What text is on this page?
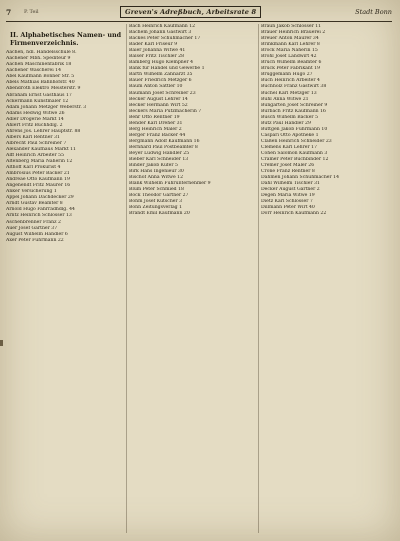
7	P. Teil	Greven's Adreßbuch, Arbeitsrate 8	Stadt Bonn
II. Alphabetisches Namen- und Firmenverzeichnis.
Aachen, hdl. Handelsschule 8.
Aachener Mbh. Spediteur 9
Aachen Maschinenfabrik 18
Aachener Wäscherei 14
Abel Kaufmann Bonner Str. 5
Abels Mathias Bahnhofstr. 40
Abendroth Elektro Meisterstr. 9
Abraham Ernst Gasthaus 17
Ackermann Kunstmaler 12
Adam Johann Metzger Weberstr. 3
Adams Hedwig Witwe 26
Adler Drogerie Markt 14
Ahlert Fritz Buchhdlg. 2
Ahrens Jos. Lehrer Hauptstr. 88
Albers Karl Rentner 31
Albrecht Paul Schreiner 7
Alexander Kaufhaus Markt 11
Alff Heinrich Arbeiter 55
Altenberg Maria Näherin 12
Althoff Karl Prokurist 4
Ambrosius Peter Bäcker 21
Andreae Otto Kaufmann 19
Angenendt Fritz Maurer 16
Anker Versicherung 1
Appel Johann Dachdecker 29
Arndt Gustav Beamter 8
Arnold Hugo Fahrradhdlg. 44
Arntz Heinrich Schlosser 13
Aschenbrenner Franz 2
Auer Josef Gärtner 37
August Wilhelm Händler 6
Axer Peter Fuhrmann 22
Bach Heinrich Kaufmann 12
Bachem Johann Gastwirt 3
Backes Peter Schuhmacher 17
Bader Karl Friseur 9
Baier Johanna Witwe 41
Balser Fritz Tischler 28
Bamberg Hugo Klempner 4
Bank für Handel und Gewerbe 1
Barth Wilhelm Zahnarzt 35
Bauer Friedrich Metzger 6
Baum Anton Sattler 10
Baumann Josef Schreiner 23
Becker August Lehrer 14
Becker Hermann Wirt 52
Beckers Maria Putzmacherin 7
Behr Otto Rentner 19
Bender Karl Dreher 31
Berg Heinrich Maler 2
Berger Franz Bäcker 44
Bergmann Adolf Kaufmann 16
Bernhard Paul Postbeamter 8
Beyer Ludwig Händler 25
Bieber Karl Schneider 13
Binder Jakob Küfer 5
Birk Hans Ingenieur 30
Bischof Anna Witwe 12
Blank Wilhelm Fuhrunternehmer 9
Blum Peter Schmied 18
Bock Theodor Gärtner 27
Böhm Josef Kutscher 3
Bonn Zeitungsverlag 1
Brandt Emil Kaufmann 20
Braun Jakob Schlosser 11
Brauer Heinrich Brauerei 2
Breuer Anton Maurer 34
Brinkmann Karl Lehrer 8
Brock Maria Näherin 15
Bröhl Josef Landwirt 42
Bruch Wilhelm Beamter 6
Brück Peter Fabrikant 19
Brüggemann Hugo 27
Buch Heinrich Arbeiter 4
Buchholz Franz Gastwirt 38
Büchel Karl Metzger 13
Bühl Anna Witwe 21
Bungarten Josef Schreiner 9
Burbach Fritz Kaufmann 16
Busch Wilhelm Bäcker 5
Butz Paul Händler 29
Büttgen Jakob Fuhrmann 10
Caspari Otto Apotheke 1
Claßen Heinrich Schneider 23
Clemens Karl Lehrer 17
Cohen Salomon Kaufmann 3
Cramer Peter Buchbinder 12
Cremer Josef Maler 26
Crone Franz Rentner 8
Dahmen Johann Schuhmacher 14
Dahl Wilhelm Tischler 31
Decker August Gärtner 2
Degen Maria Witwe 19
Dietz Karl Schlosser 7
Dillmann Peter Wirt 40
Dörr Heinrich Kaufmann 22
